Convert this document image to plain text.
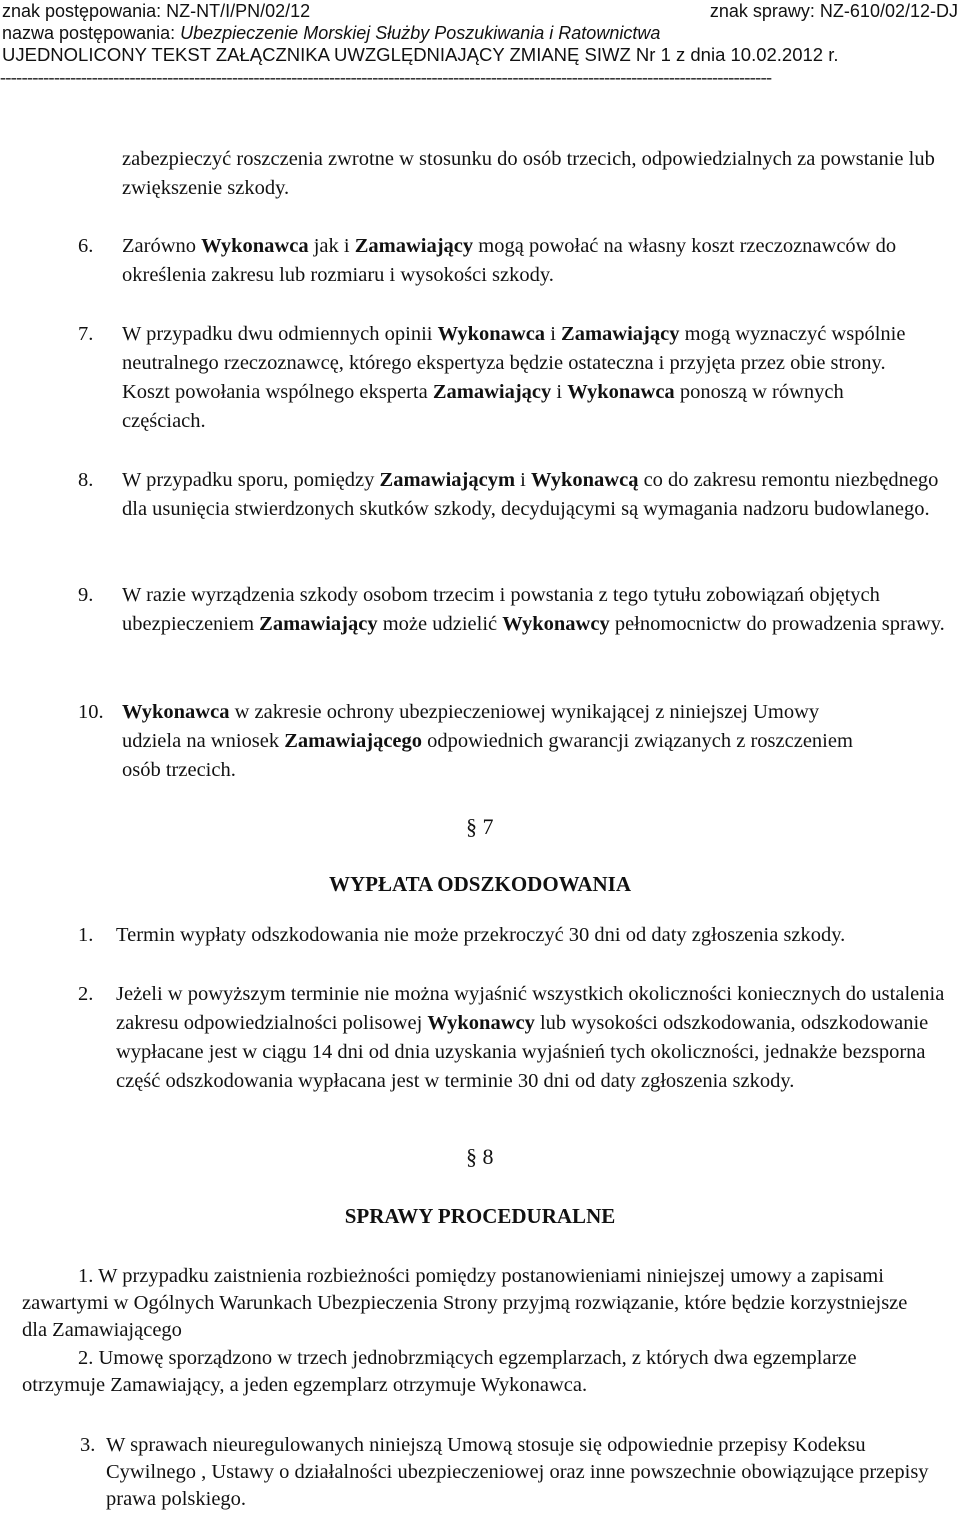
znak postępowania: NZ-NT/I/PN/02/12	znak sprawy: NZ-610/02/12-DJ
nazwa postępowania: Ubezpieczenie Morskiej Służby Poszukiwania i Ratownictwa
UJEDNOLICONY TEKST ZAŁĄCZNIKA UWZGLĘDNIAJĄCY ZMIANĘ SIWZ Nr 1 z dnia 10.02.2012 r.
-----------------------------------------------------------------------------------------------------------------------------------------------
zabezpieczyć roszczenia zwrotne w stosunku do osób trzecich, odpowiedzialnych za powstanie lub zwiększenie szkody.
6. Zarówno Wykonawca jak i Zamawiający mogą powołać na własny koszt rzeczoznawców do określenia zakresu lub rozmiaru i wysokości szkody.
7. W przypadku dwu odmiennych opinii Wykonawca i Zamawiający mogą wyznaczyć wspólnie neutralnego rzeczoznawcę, którego ekspertyza będzie ostateczna i przyjęta przez obie strony. Koszt powołania wspólnego eksperta Zamawiający i Wykonawca ponoszą w równych częściach.
8. W przypadku sporu, pomiędzy Zamawiającym i Wykonawcą co do zakresu remontu niezbędnego dla usunięcia stwierdzonych skutków szkody, decydującymi są wymagania nadzoru budowlanego.
9. W razie wyrządzenia szkody osobom trzecim i powstania z tego tytułu zobowiązań objętych ubezpieczeniem Zamawiający może udzielić Wykonawcy pełnomocnictw do prowadzenia sprawy.
10. Wykonawca w zakresie ochrony ubezpieczeniowej wynikającej z niniejszej Umowy udziela na wniosek Zamawiającego odpowiednich gwarancji związanych z roszczeniem osób trzecich.
§ 7
WYPŁATA ODSZKODOWANIA
1. Termin wypłaty odszkodowania nie może przekroczyć 30 dni od daty zgłoszenia szkody.
2. Jeżeli w powyższym terminie nie można wyjaśnić wszystkich okoliczności koniecznych do ustalenia zakresu odpowiedzialności polisowej Wykonawcy lub wysokości odszkodowania, odszkodowanie wypłacane jest w ciągu 14 dni od dnia uzyskania wyjaśnień tych okoliczności, jednakże bezsporna część odszkodowania wypłacana jest w terminie 30 dni od daty zgłoszenia szkody.
§ 8
SPRAWY PROCEDURALNE
1. W przypadku zaistnienia rozbieżności pomiędzy postanowieniami niniejszej umowy a zapisami zawartymi w Ogólnych Warunkach Ubezpieczenia Strony przyjmą rozwiązanie, które będzie korzystniejsze dla Zamawiającego
2. Umowę sporządzono w trzech jednobrzmiących egzemplarzach, z których dwa egzemplarze otrzymuje Zamawiający, a jeden egzemplarz otrzymuje Wykonawca.
3. W sprawach nieuregulowanych niniejszą Umową stosuje się odpowiednie przepisy Kodeksu Cywilnego , Ustawy o działalności ubezpieczeniowej oraz inne powszechnie obowiązujące przepisy prawa polskiego.
